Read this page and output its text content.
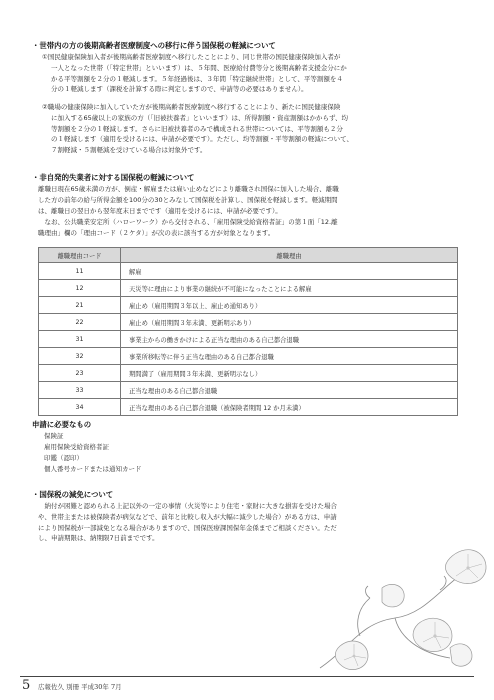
・世帯内の方の後期高齢者医療制度への移行に伴う国保税の軽減について
①国民健康保険加入者が後期高齢者医療制度へ移行したことにより、同じ世帯の国民健康保険加入者が
一人となった世帯（「特定世帯」といいます）は、５年間、医療給付費等分と後期高齢者支援金分にか
かる平等割額を２分の１軽減します。５年経過後は、３年間「特定継続世帯」として、平等割額を４
分の１軽減します（課税を計算する際に判定しますので、申請等の必要はありません）。
②職場の健康保険に加入していた方が後期高齢者医療制度へ移行することにより、新たに国民健康保険
に加入する65歳以上の家族の方（「旧被扶養者」といいます）は、所得割額・資産割額はかからず、均
等割額を２分の１軽減します。さらに旧被扶養者のみで構成される世帯については、平等割額も２分
の１軽減します（適用を受けるには、申請が必要です）。ただし、均等割額・平等割額の軽減について、
７割軽減・５割軽減を受けている場合は対象外です。
・非自発的失業者に対する国保税の軽減について
離職日現在65歳未満の方が、倒産・解雇または雇い止めなどにより離職され国保に加入した場合、離職
した方の前年の給与所得金額を100分の30とみなして国保税を計算し、国保税を軽減します。軽減期間
は、離職日の翌日から翌年度末日までです（適用を受けるには、申請が必要です）。
　なお、公共職業安定所（ハローワーク）から交付される、「雇用保険受給資格者証」の第１面「12.離
職理由」欄の「理由コード（２ケタ）」が次の表に該当する方が対象となります。
離職理由コード	離職理由
11	解雇
12	天災等に理由により事業の継続が不可能になったことによる解雇
21	雇止め（雇用期間３年以上、雇止め通知あり）
22	雇止め（雇用期間３年未満、更新明示あり）
31	事業主からの働きかけによる正当な理由のある自己都合退職
32	事業所移転等に伴う正当な理由のある自己都合退職
23	期間満了（雇用期間３年未満、更新明示なし）
33	正当な理由のある自己都合退職
34	正当な理由のある自己都合退職（被保険者期間 12 か月未満）
申請に必要なもの
保険証
雇用保険受給資格者証
印鑑（認印）
個人番号カードまたは通知カード
・国保税の減免について
　納付が困難と認められる上記以外の一定の事情（火災等により住宅・家財に大きな損害を受けた場合
や、世帯主または被保険者が病気などで、前年と比較し収入が大幅に減少した場合）がある方は、申請
により国保税が一部減免となる場合がありますので、国保医療課国保年金係までご相談ください。ただ
し、申請期限は、納期限7日前までです。
5 広報佐久 別冊 平成30年 7月
